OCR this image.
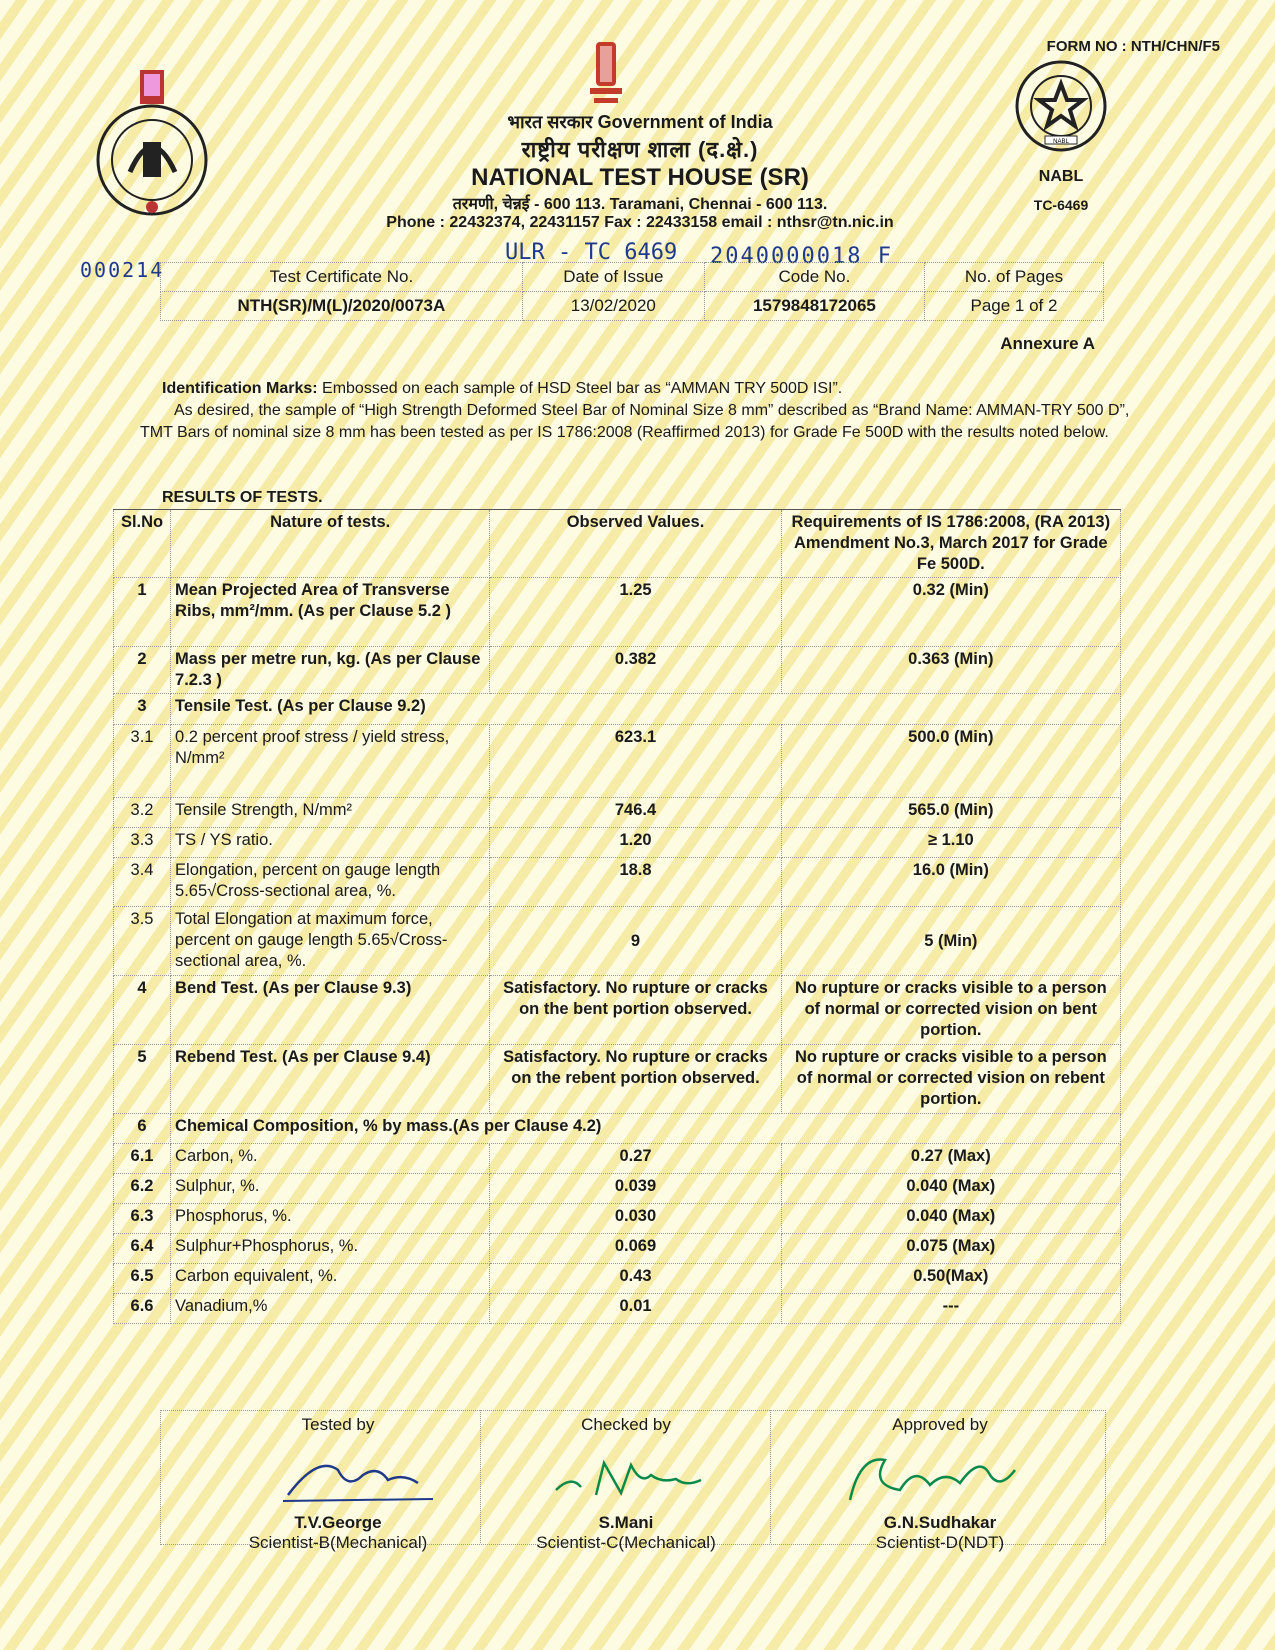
FORM NO : NTH/CHN/F5
NABL
NABL
TC-6469
भारत सरकार Government of India
राष्ट्रीय परीक्षण शाला (द.क्षे.)
NATIONAL TEST HOUSE (SR)
तरमणी, चेन्नई - 600 113. Taramani, Chennai - 600 113.
Phone : 22432374, 22431157 Fax : 22433158 email : nthsr@tn.nic.in
000214
ULR - TC 6469 2040000018 F
Test Certificate No.	Date of Issue	Code No.	No. of Pages
NTH(SR)/M(L)/2020/0073A	13/02/2020	1579848172065	Page 1 of 2
Annexure A

Identification Marks: Embossed on each sample of HSD Steel bar as “AMMAN TRY 500D ISI”.

As desired, the sample of “High Strength Deformed Steel Bar of Nominal Size 8 mm” described as “Brand Name: AMMAN-TRY 500 D”, TMT Bars of nominal size 8 mm has been tested as per IS 1786:2008 (Reaffirmed 2013) for Grade Fe 500D with the results noted below.

RESULTS OF TESTS.
Sl.No	Nature of tests.	Observed Values.	Requirements of IS 1786:2008, (RA 2013) Amendment No.3, March 2017 for Grade Fe 500D.
1	Mean Projected Area of Transverse Ribs, mm²/mm. (As per Clause 5.2 )	1.25	0.32 (Min)
2	Mass per metre run, kg. (As per Clause 7.2.3 )	0.382	0.363 (Min)
3	Tensile Test. (As per Clause 9.2)		
3.1	0.2 percent proof stress / yield stress, N/mm²	623.1	500.0 (Min)
3.2	Tensile Strength, N/mm²	746.4	565.0 (Min)
3.3	TS / YS ratio.	1.20	≥ 1.10
3.4	Elongation, percent on gauge length 5.65√Cross-sectional area, %.	18.8	16.0 (Min)
3.5	Total Elongation at maximum force, percent on gauge length 5.65√Cross-sectional area, %.	9	5 (Min)
4	Bend Test. (As per Clause 9.3)	Satisfactory. No rupture or cracks on the bent portion observed.	No rupture or cracks visible to a person of normal or corrected vision on bent portion.
5	Rebend Test. (As per Clause 9.4)	Satisfactory. No rupture or cracks on the rebent portion observed.	No rupture or cracks visible to a person of normal or corrected vision on rebent portion.
6	Chemical Composition, % by mass.(As per Clause 4.2)		
6.1	Carbon, %.	0.27	0.27 (Max)
6.2	Sulphur, %.	0.039	0.040 (Max)
6.3	Phosphorus, %.	0.030	0.040 (Max)
6.4	Sulphur+Phosphorus, %.	0.069	0.075 (Max)
6.5	Carbon equivalent, %.	0.43	0.50(Max)
6.6	Vanadium,%	0.01	---
Tested by
T.V.George
Scientist-B(Mechanical)
Checked by
S.Mani
Scientist-C(Mechanical)
Approved by
G.N.Sudhakar
Scientist-D(NDT)
